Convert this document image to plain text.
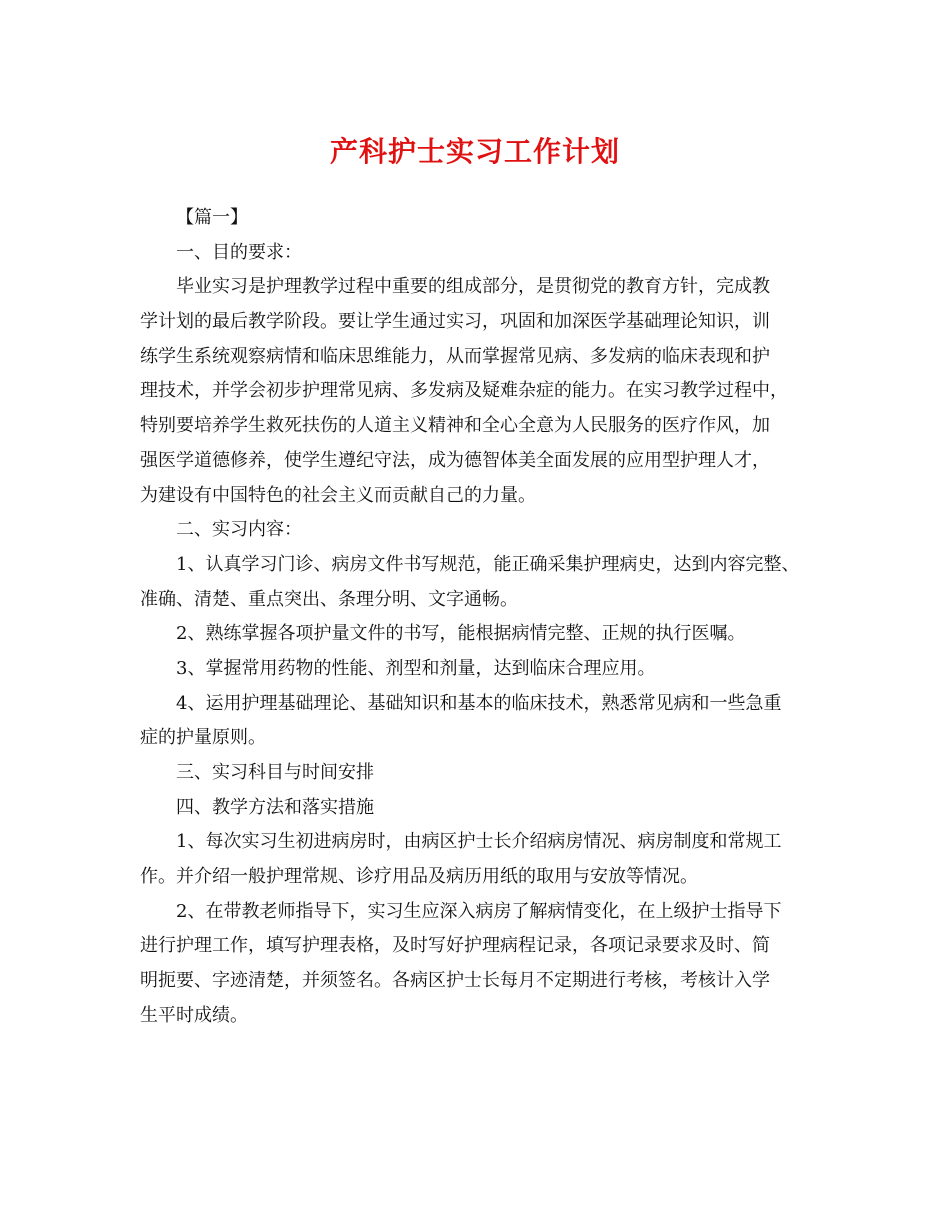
产科护士实习工作计划
【篇一】
一、目的要求：
毕业实习是护理教学过程中重要的组成部分，是贯彻党的教育方针，完成教
学计划的最后教学阶段。要让学生通过实习，巩固和加深医学基础理论知识，训
练学生系统观察病情和临床思维能力，从而掌握常见病、多发病的临床表现和护
理技术，并学会初步护理常见病、多发病及疑难杂症的能力。在实习教学过程中，
特别要培养学生救死扶伤的人道主义精神和全心全意为人民服务的医疗作风，加
强医学道德修养，使学生遵纪守法，成为德智体美全面发展的应用型护理人才，
为建设有中国特色的社会主义而贡献自己的力量。
二、实习内容：
1、认真学习门诊、病房文件书写规范，能正确采集护理病史，达到内容完整、
准确、清楚、重点突出、条理分明、文字通畅。
2、熟练掌握各项护量文件的书写，能根据病情完整、正规的执行医嘱。
3、掌握常用药物的性能、剂型和剂量，达到临床合理应用。
4、运用护理基础理论、基础知识和基本的临床技术，熟悉常见病和一些急重
症的护量原则。
三、实习科目与时间安排
四、教学方法和落实措施
1、每次实习生初进病房时，由病区护士长介绍病房情况、病房制度和常规工
作。并介绍一般护理常规、诊疗用品及病历用纸的取用与安放等情况。
2、在带教老师指导下，实习生应深入病房了解病情变化，在上级护士指导下
进行护理工作，填写护理表格，及时写好护理病程记录，各项记录要求及时、简
明扼要、字迹清楚，并须签名。各病区护士长每月不定期进行考核，考核计入学
生平时成绩。
